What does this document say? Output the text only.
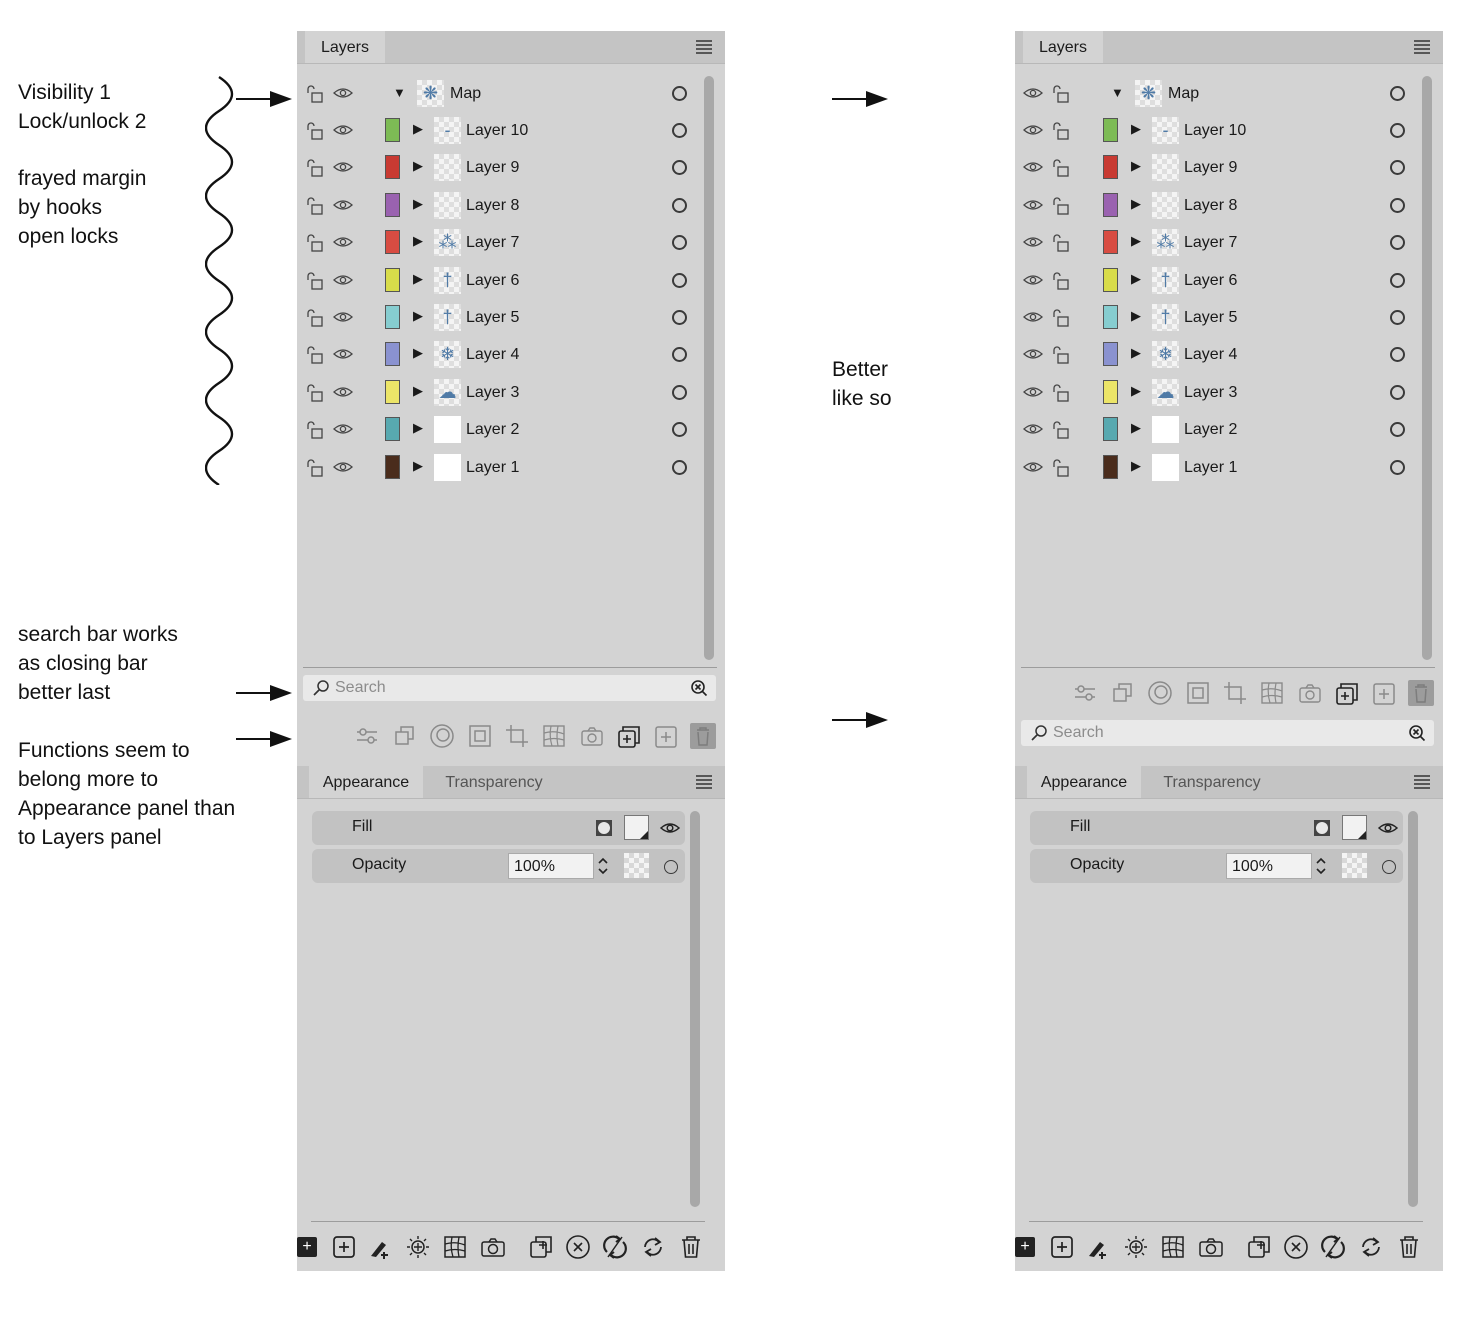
Visibility 1
Lock/unlock 2
frayed margin
by hooks
open locks
search bar works
as closing bar
better last
Functions seem to
belong more to
Appearance panel than
to Layers panel
Better
like so
Layers
▼ ❋ Map
▶	- Layer 10
▶	Layer 9
▶	Layer 8
▶ ⁂ Layer 7
▶	† Layer 6
▶	† Layer 5
▶ ❄ Layer 4
▶ ☁ Layer 3
▶	Layer 2
▶	Layer 1
Search
Appearance	Transparency
Fill
Opacity	100%
+
Layers
▼ ❋ Map
▶	- Layer 10
▶	Layer 9
▶	Layer 8
▶ ⁂ Layer 7
▶	† Layer 6
▶	† Layer 5
▶ ❄ Layer 4
▶ ☁ Layer 3
▶	Layer 2
▶	Layer 1
Search
Appearance	Transparency
Fill
Opacity	100%
+
